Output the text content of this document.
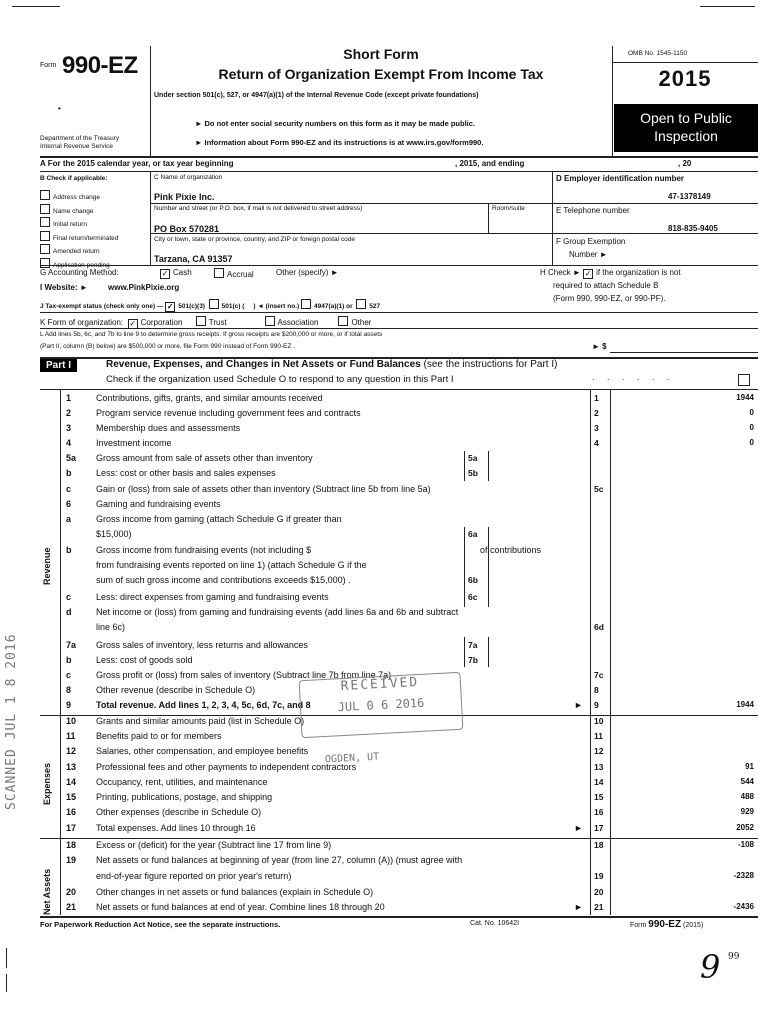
Form 990-EZ
•
Department of the Treasury
Internal Revenue Service
Short Form
Return of Organization Exempt From Income Tax
Under section 501(c), 527, or 4947(a)(1) of the Internal Revenue Code (except private foundations)
► Do not enter social security numbers on this form as it may be made public.
► Information about Form 990-EZ and its instructions is at www.irs.gov/form990.
OMB No. 1545-1150
2015
Open to Public Inspection
A For the 2015 calendar year, or tax year beginning	, 2015, and ending	, 20
B Check if applicable:
Address change
Name change
Initial return
Final return/terminated
Amended return
Application pending
C Name of organization
Pink Pixie Inc.
Number and street (or P.O. box, if mail is not delivered to street address)	Room/suite
PO Box 570281
City or town, state or province, country, and ZIP or foreign postal code
Tarzana, CA 91357
D Employer identification number
47-1378149
E Telephone number
818-835-9405
F Group Exemption
Number ►
G Accounting Method:	✓ Cash	Accrual	Other (specify) ►	H Check ► ✓ if the organization is not
required to attach Schedule B
(Form 990, 990-EZ, or 990-PF).
I Website: ►	www.PinkPixie.org
J Tax-exempt status (check only one) — ✓ 501(c)(3)	501(c) ( ) ◄ (insert no.) 4947(a)(1) or	527
K Form of organization: ✓ Corporation	Trust	Association	Other
L Add lines 5b, 6c, and 7b to line 9 to determine gross receipts. If gross receipts are $200,000 or more, or if total assets
(Part II, column (B) below) are $500,000 or more, file Form 990 instead of Form 990-EZ .	► $
Part I	Revenue, Expenses, and Changes in Net Assets or Fund Balances (see the instructions for Part I)
Check if the organization used Schedule O to respond to any question in this Part I	. . . . . .
Revenue
Expenses
Net Assets
1	Contributions, gifts, grants, and similar amounts received	1	1944
2	Program service revenue including government fees and contracts	2	0
3	Membership dues and assessments	3	0
4	Investment income	4	0
5a	Gross amount from sale of assets other than inventory	5a
b	Less: cost or other basis and sales expenses	5b
c	Gain or (loss) from sale of assets other than inventory (Subtract line 5b from line 5a)	5c
6	Gaming and fundraising events
a	Gross income from gaming (attach Schedule G if greater than
$15,000)	6a
b	Gross income from fundraising events (not including $	of contributions
from fundraising events reported on line 1) (attach Schedule G if the
sum of such gross income and contributions exceeds $15,000) .	6b
c	Less: direct expenses from gaming and fundraising events	6c
d	Net income or (loss) from gaming and fundraising events (add lines 6a and 6b and subtract
line 6c)	6d
7a	Gross sales of inventory, less returns and allowances	7a
b	Less: cost of goods sold	7b
c	Gross profit or (loss) from sales of inventory (Subtract line 7b from line 7a)	7c
8	Other revenue (describe in Schedule O)	8
9	Total revenue. Add lines 1, 2, 3, 4, 5c, 6d, 7c, and 8	► 9	1944
10	Grants and similar amounts paid (list in Schedule O)	10
11	Benefits paid to or for members	11
12	Salaries, other compensation, and employee benefits	12
13	Professional fees and other payments to independent contractors	13	91
14	Occupancy, rent, utilities, and maintenance	14	544
15	Printing, publications, postage, and shipping	15	488
16	Other expenses (describe in Schedule O)	16	929
17	Total expenses. Add lines 10 through 16	► 17	2052
18	Excess or (deficit) for the year (Subtract line 17 from line 9)	18	-108
19	Net assets or fund balances at beginning of year (from line 27, column (A)) (must agree with
end-of-year figure reported on prior year's return)	19	-2328
20	Other changes in net assets or fund balances (explain in Schedule O)	20
21	Net assets or fund balances at end of year. Combine lines 18 through 20	► 21	-2436
For Paperwork Reduction Act Notice, see the separate instructions.	Cat. No. 10642I	Form 990-EZ (2015)
RECEIVED
JUL 0 6 2016
OGDEN, UT
SCANNED JUL 1 8 2016
9 99
